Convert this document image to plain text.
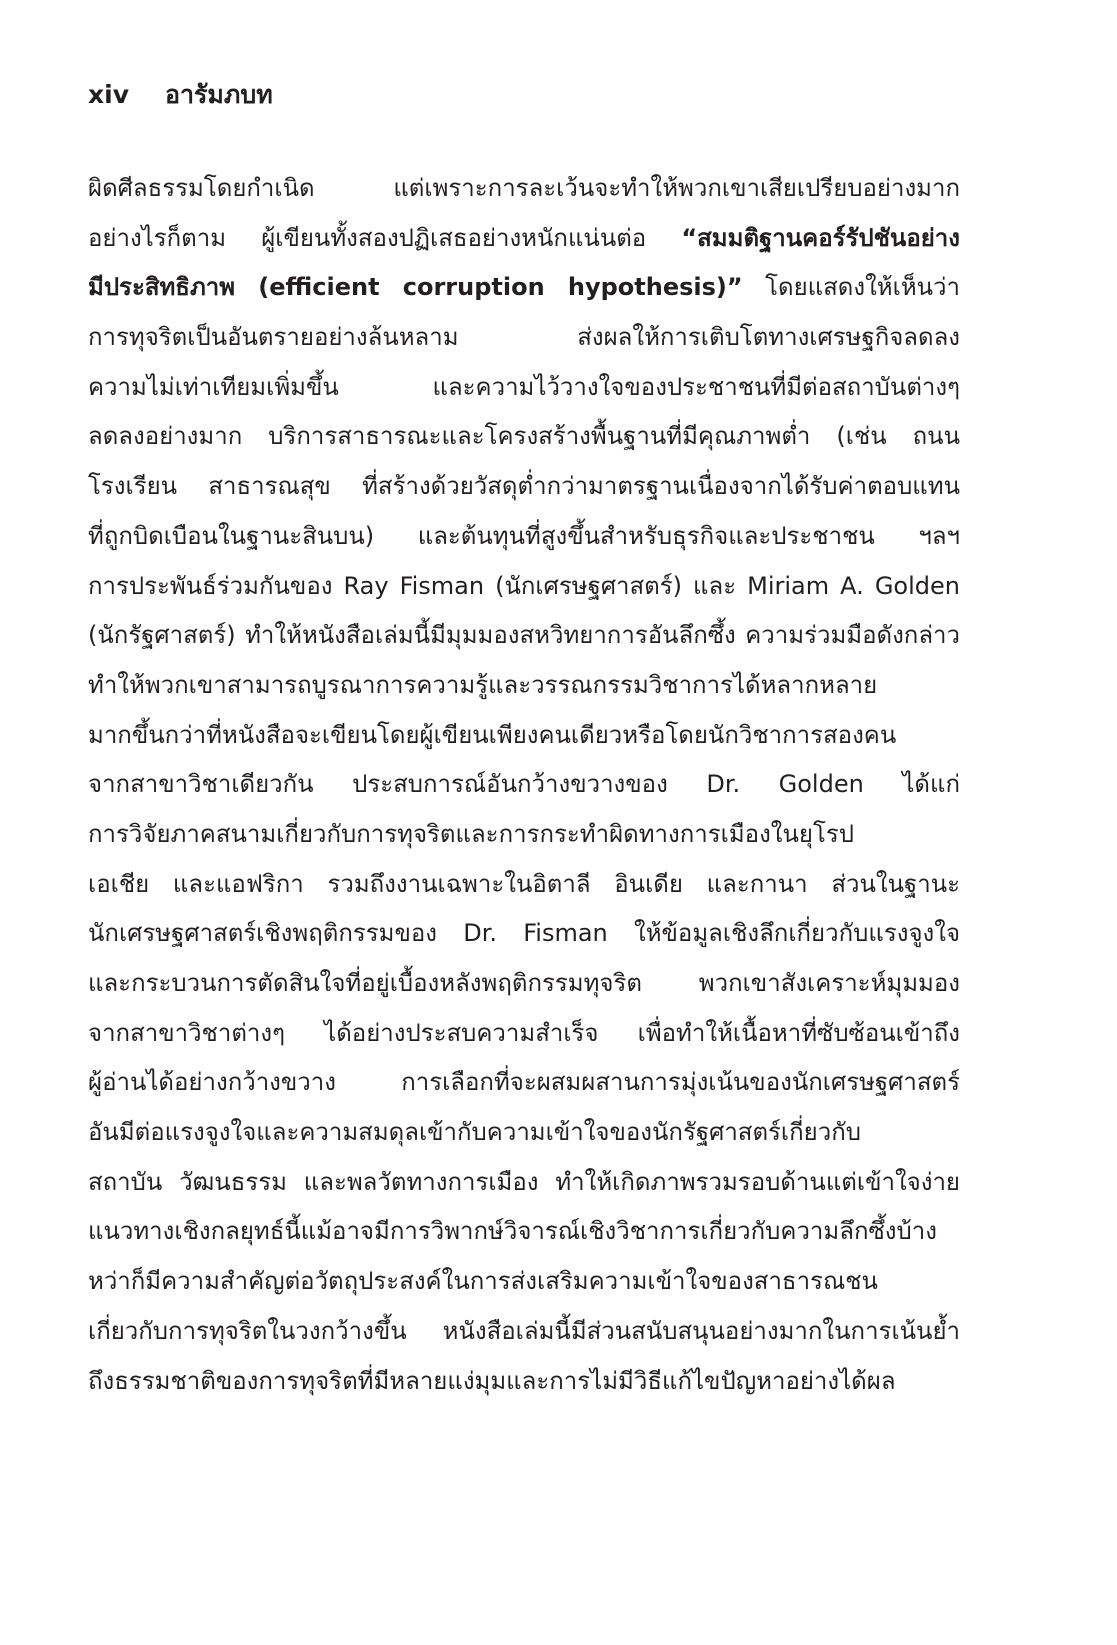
xiv อารัมภบท
ผิดศีลธรรมโดยกำเนิด แต่เพราะการละเว้นจะทำให้พวกเขาเสียเปรียบอย่างมาก
อย่างไรก็ตาม ผู้เขียนทั้งสองปฏิเสธอย่างหนักแน่นต่อ “สมมติฐานคอร์รัปชันอย่าง
มีประสิทธิภาพ (efficient corruption hypothesis)” โดยแสดงให้เห็นว่า
การทุจริตเป็นอันตรายอย่างล้นหลาม ส่งผลให้การเติบโตทางเศรษฐกิจลดลง
ความไม่เท่าเทียมเพิ่มขึ้น และความไว้วางใจของประชาชนที่มีต่อสถาบันต่างๆ
ลดลงอย่างมาก บริการสาธารณะและโครงสร้างพื้นฐานที่มีคุณภาพต่ำ (เช่น ถนน
โรงเรียน สาธารณสุข ที่สร้างด้วยวัสดุต่ำกว่ามาตรฐานเนื่องจากได้รับค่าตอบแทน
ที่ถูกบิดเบือนในฐานะสินบน) และต้นทุนที่สูงขึ้นสำหรับธุรกิจและประชาชน ฯลฯ
การประพันธ์ร่วมกันของ Ray Fisman (นักเศรษฐศาสตร์) และ Miriam A. Golden
(นักรัฐศาสตร์) ทำให้หนังสือเล่มนี้มีมุมมองสหวิทยาการอันลึกซึ้ง ความร่วมมือดังกล่าว
ทำให้พวกเขาสามารถบูรณาการความรู้และวรรณกรรมวิชาการได้หลากหลาย
มากขึ้นกว่าที่หนังสือจะเขียนโดยผู้เขียนเพียงคนเดียวหรือโดยนักวิชาการสองคน
จากสาขาวิชาเดียวกัน ประสบการณ์อันกว้างขวางของ Dr. Golden ได้แก่
การวิจัยภาคสนามเกี่ยวกับการทุจริตและการกระทำผิดทางการเมืองในยุโรป
เอเชีย และแอฟริกา รวมถึงงานเฉพาะในอิตาลี อินเดีย และกานา ส่วนในฐานะ
นักเศรษฐศาสตร์เชิงพฤติกรรมของ Dr. Fisman ให้ข้อมูลเชิงลึกเกี่ยวกับแรงจูงใจ
และกระบวนการตัดสินใจที่อยู่เบื้องหลังพฤติกรรมทุจริต พวกเขาสังเคราะห์มุมมอง
จากสาขาวิชาต่างๆ ได้อย่างประสบความสำเร็จ เพื่อทำให้เนื้อหาที่ซับซ้อนเข้าถึง
ผู้อ่านได้อย่างกว้างขวาง การเลือกที่จะผสมผสานการมุ่งเน้นของนักเศรษฐศาสตร์
อันมีต่อแรงจูงใจและความสมดุลเข้ากับความเข้าใจของนักรัฐศาสตร์เกี่ยวกับ
สถาบัน วัฒนธรรม และพลวัตทางการเมือง ทำให้เกิดภาพรวมรอบด้านแต่เข้าใจง่าย
แนวทางเชิงกลยุทธ์นี้แม้อาจมีการวิพากษ์วิจารณ์เชิงวิชาการเกี่ยวกับความลึกซึ้งบ้าง
หว่าก็มีความสำคัญต่อวัตถุประสงค์ในการส่งเสริมความเข้าใจของสาธารณชน
เกี่ยวกับการทุจริตในวงกว้างขึ้น หนังสือเล่มนี้มีส่วนสนับสนุนอย่างมากในการเน้นย้ำ
ถึงธรรมชาติของการทุจริตที่มีหลายแง่มุมและการไม่มีวิธีแก้ไขปัญหาอย่างได้ผล
